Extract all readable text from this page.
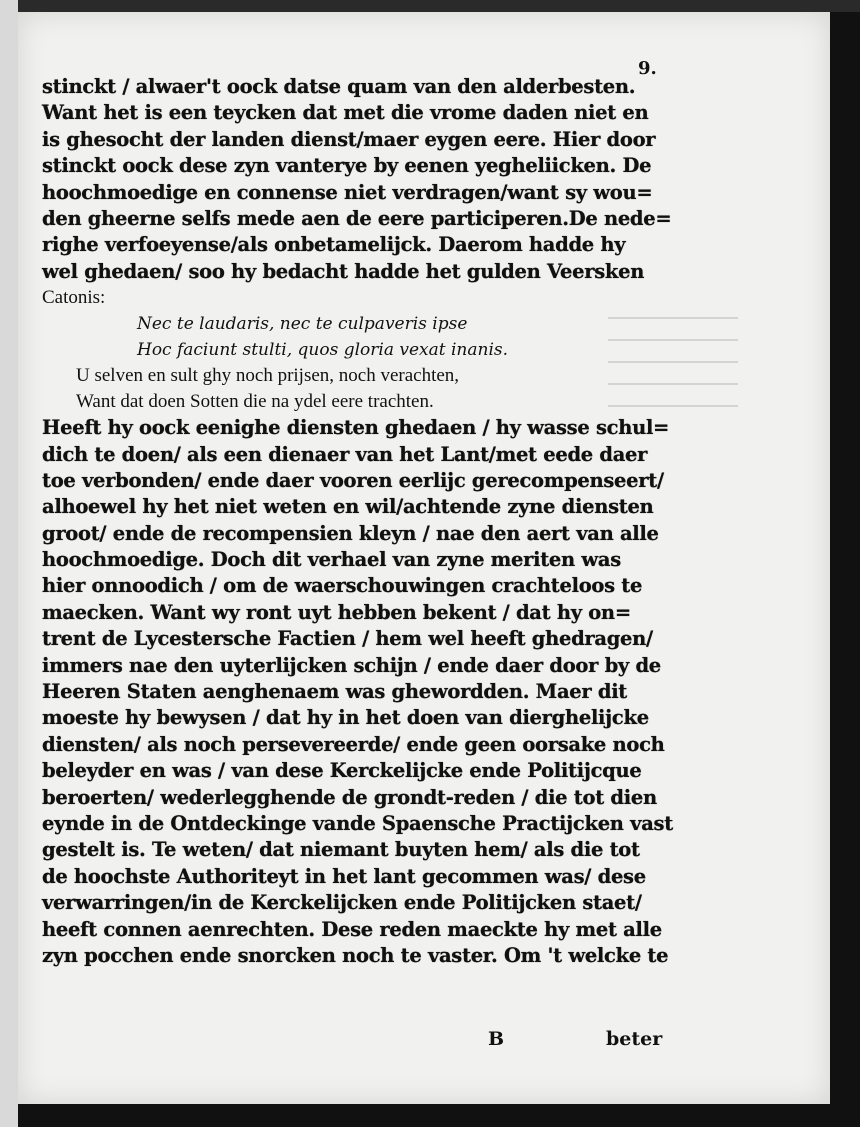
9.
stinckt / alwaer't oock datse quam van den alderbesten.
Want het is een teycken dat met die vrome daden niet en
is ghesocht der landen dienst/maer eygen eere. Hier door
stinckt oock dese zyn vanterye by eenen yegheliicken. De
hoochmoedige en connense niet verdragen/want sy wou=
den gheerne selfs mede aen de eere participeren.De nede=
righe verfoeyense/als onbetamelijck. Daerom hadde hy
wel ghedaen/ soo hy bedacht hadde het gulden Veersken
Catonis:
Nec te laudaris, nec te culpaveris ipse
Hoc faciunt stulti, quos gloria vexat inanis.
U selven en sult ghy noch prijsen, noch verachten,
Want dat doen Sotten die na ydel eere trachten.
Heeft hy oock eenighe diensten ghedaen / hy wasse schul=
dich te doen/ als een dienaer van het Lant/met eede daer
toe verbonden/ ende daer vooren eerlijc gerecompenseert/
alhoewel hy het niet weten en wil/achtende zyne diensten
groot/ ende de recompensien kleyn / nae den aert van alle
hoochmoedige. Doch dit verhael van zyne meriten was
hier onnoodich / om de waerschouwingen crachteloos te
maecken. Want wy ront uyt hebben bekent / dat hy on=
trent de Lycestersche Factien / hem wel heeft ghedragen/
immers nae den uyterlijcken schijn / ende daer door by de
Heeren Staten aenghenaem was ghewordden. Maer dit
moeste hy bewysen / dat hy in het doen van dierghelijcke
diensten/ als noch persevereerde/ ende geen oorsake noch
beleyder en was / van dese Kerckelijcke ende Politijcque
beroerten/ wederlegghende de grondt-reden / die tot dien
eynde in de Ontdeckinge vande Spaensche Practijcken vast
gestelt is. Te weten/ dat niemant buyten hem/ als die tot
de hoochste Authoriteyt in het lant gecommen was/ dese
verwarringen/in de Kerckelijcken ende Politijcken staet/
heeft connen aenrechten. Dese reden maeckte hy met alle
zyn pocchen ende snorcken noch te vaster. Om 't welcke te
B	beter
